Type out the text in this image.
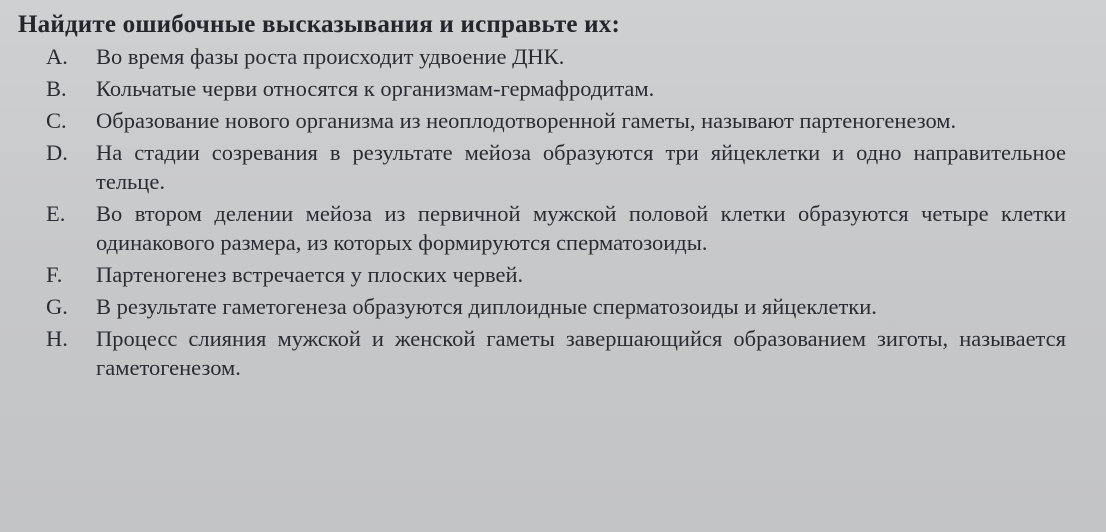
Найдите ошибочные высказывания и исправьте их:
A.	Во время фазы роста происходит удвоение ДНК.
B.	Кольчатые черви относятся к организмам-гермафродитам.
C.	Образование нового организма из неоплодотворенной гаметы, называют партеногенезом.
D.	На стадии созревания в результате мейоза образуются три яйцеклетки и одно направительное тельце.
E.	Во втором делении мейоза из первичной мужской половой клетки образуются четыре клетки одинакового размера, из которых формируются сперматозоиды.
F.	Партеногенез встречается у плоских червей.
G.	В результате гаметогенеза образуются диплоидные сперматозоиды и яйцеклетки.
H.	Процесс слияния мужской и женской гаметы завершающийся образованием зиготы, называется гаметогенезом.
